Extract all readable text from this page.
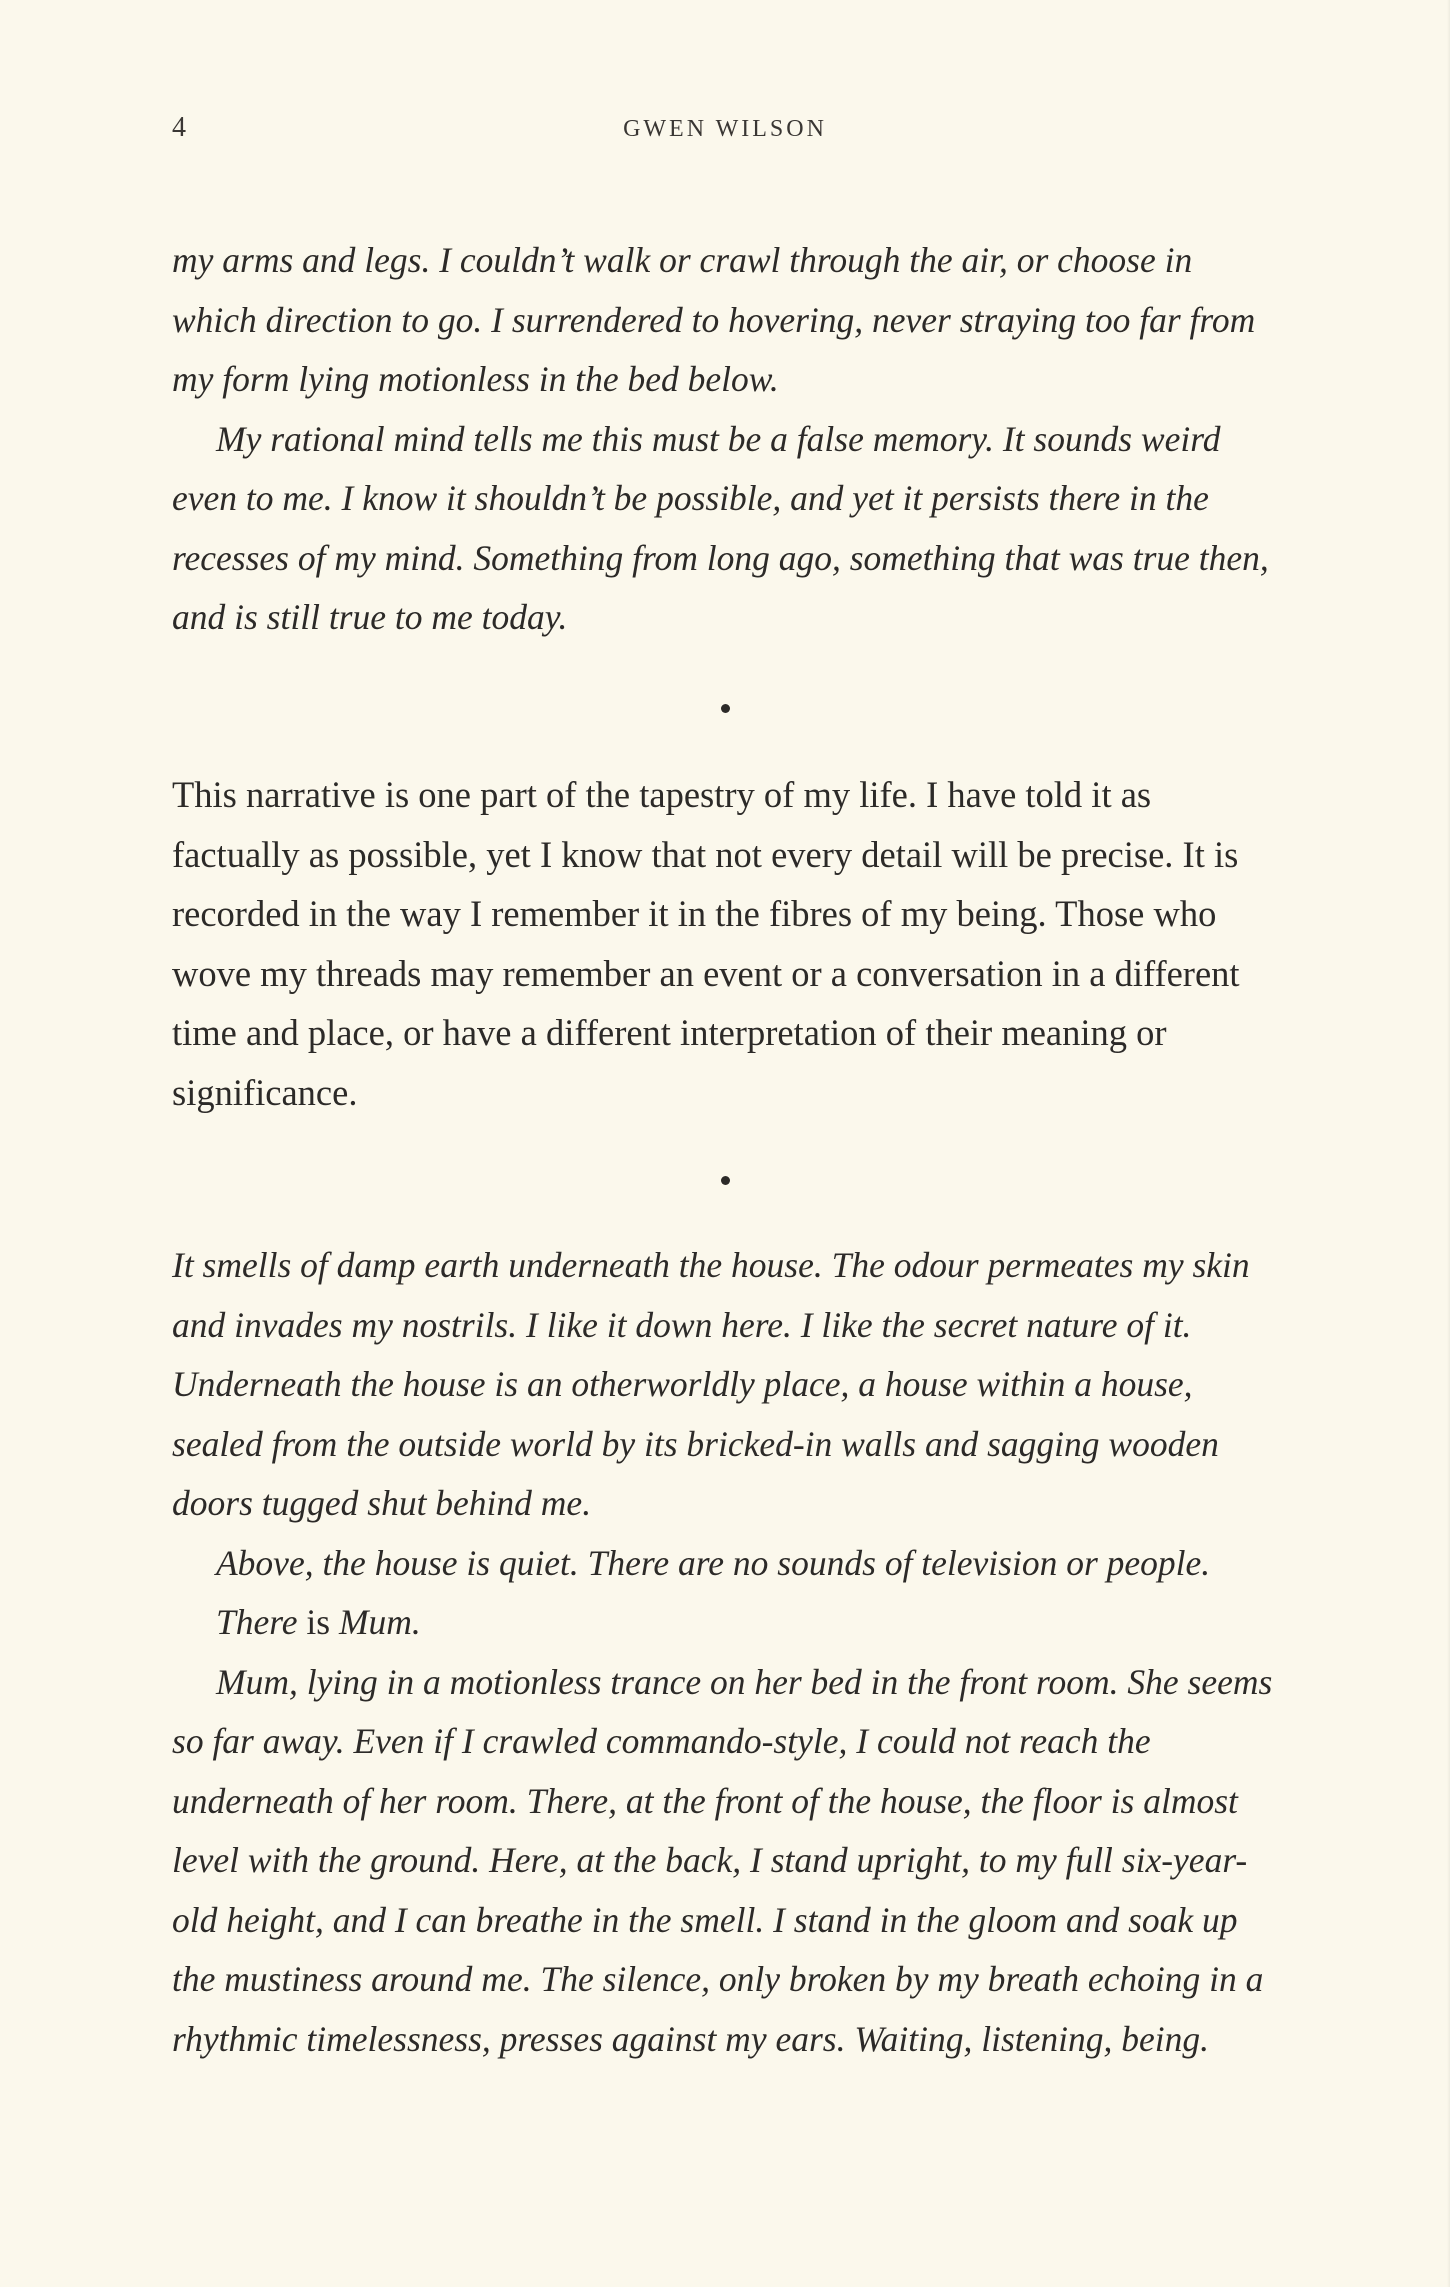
4	GWEN WILSON

my arms and legs. I couldn’t walk or crawl through the air, or choose in which direction to go. I surrendered to hovering, never straying too far from my form lying motionless in the bed below.

My rational mind tells me this must be a false memory. It sounds weird even to me. I know it shouldn’t be possible, and yet it persists there in the recesses of my mind. Something from long ago, something that was true then, and is still true to me today.

This narrative is one part of the tapestry of my life. I have told it as factually as possible, yet I know that not every detail will be precise. It is recorded in the way I remember it in the fibres of my being. Those who wove my threads may remember an event or a conversation in a different time and place, or have a different interpretation of their meaning or significance.

It smells of damp earth underneath the house. The odour permeates my skin and invades my nostrils. I like it down here. I like the secret nature of it. Underneath the house is an otherworldly place, a house within a house, sealed from the outside world by its bricked-in walls and sagging wooden doors tugged shut behind me.

Above, the house is quiet. There are no sounds of television or people.

There is Mum.

Mum, lying in a motionless trance on her bed in the front room. She seems so far away. Even if I crawled commando-style, I could not reach the underneath of her room. There, at the front of the house, the floor is almost level with the ground. Here, at the back, I stand upright, to my full six-year-old height, and I can breathe in the smell. I stand in the gloom and soak up the mustiness around me. The silence, only broken by my breath echoing in a rhythmic timelessness, presses against my ears. Waiting, listening, being.
